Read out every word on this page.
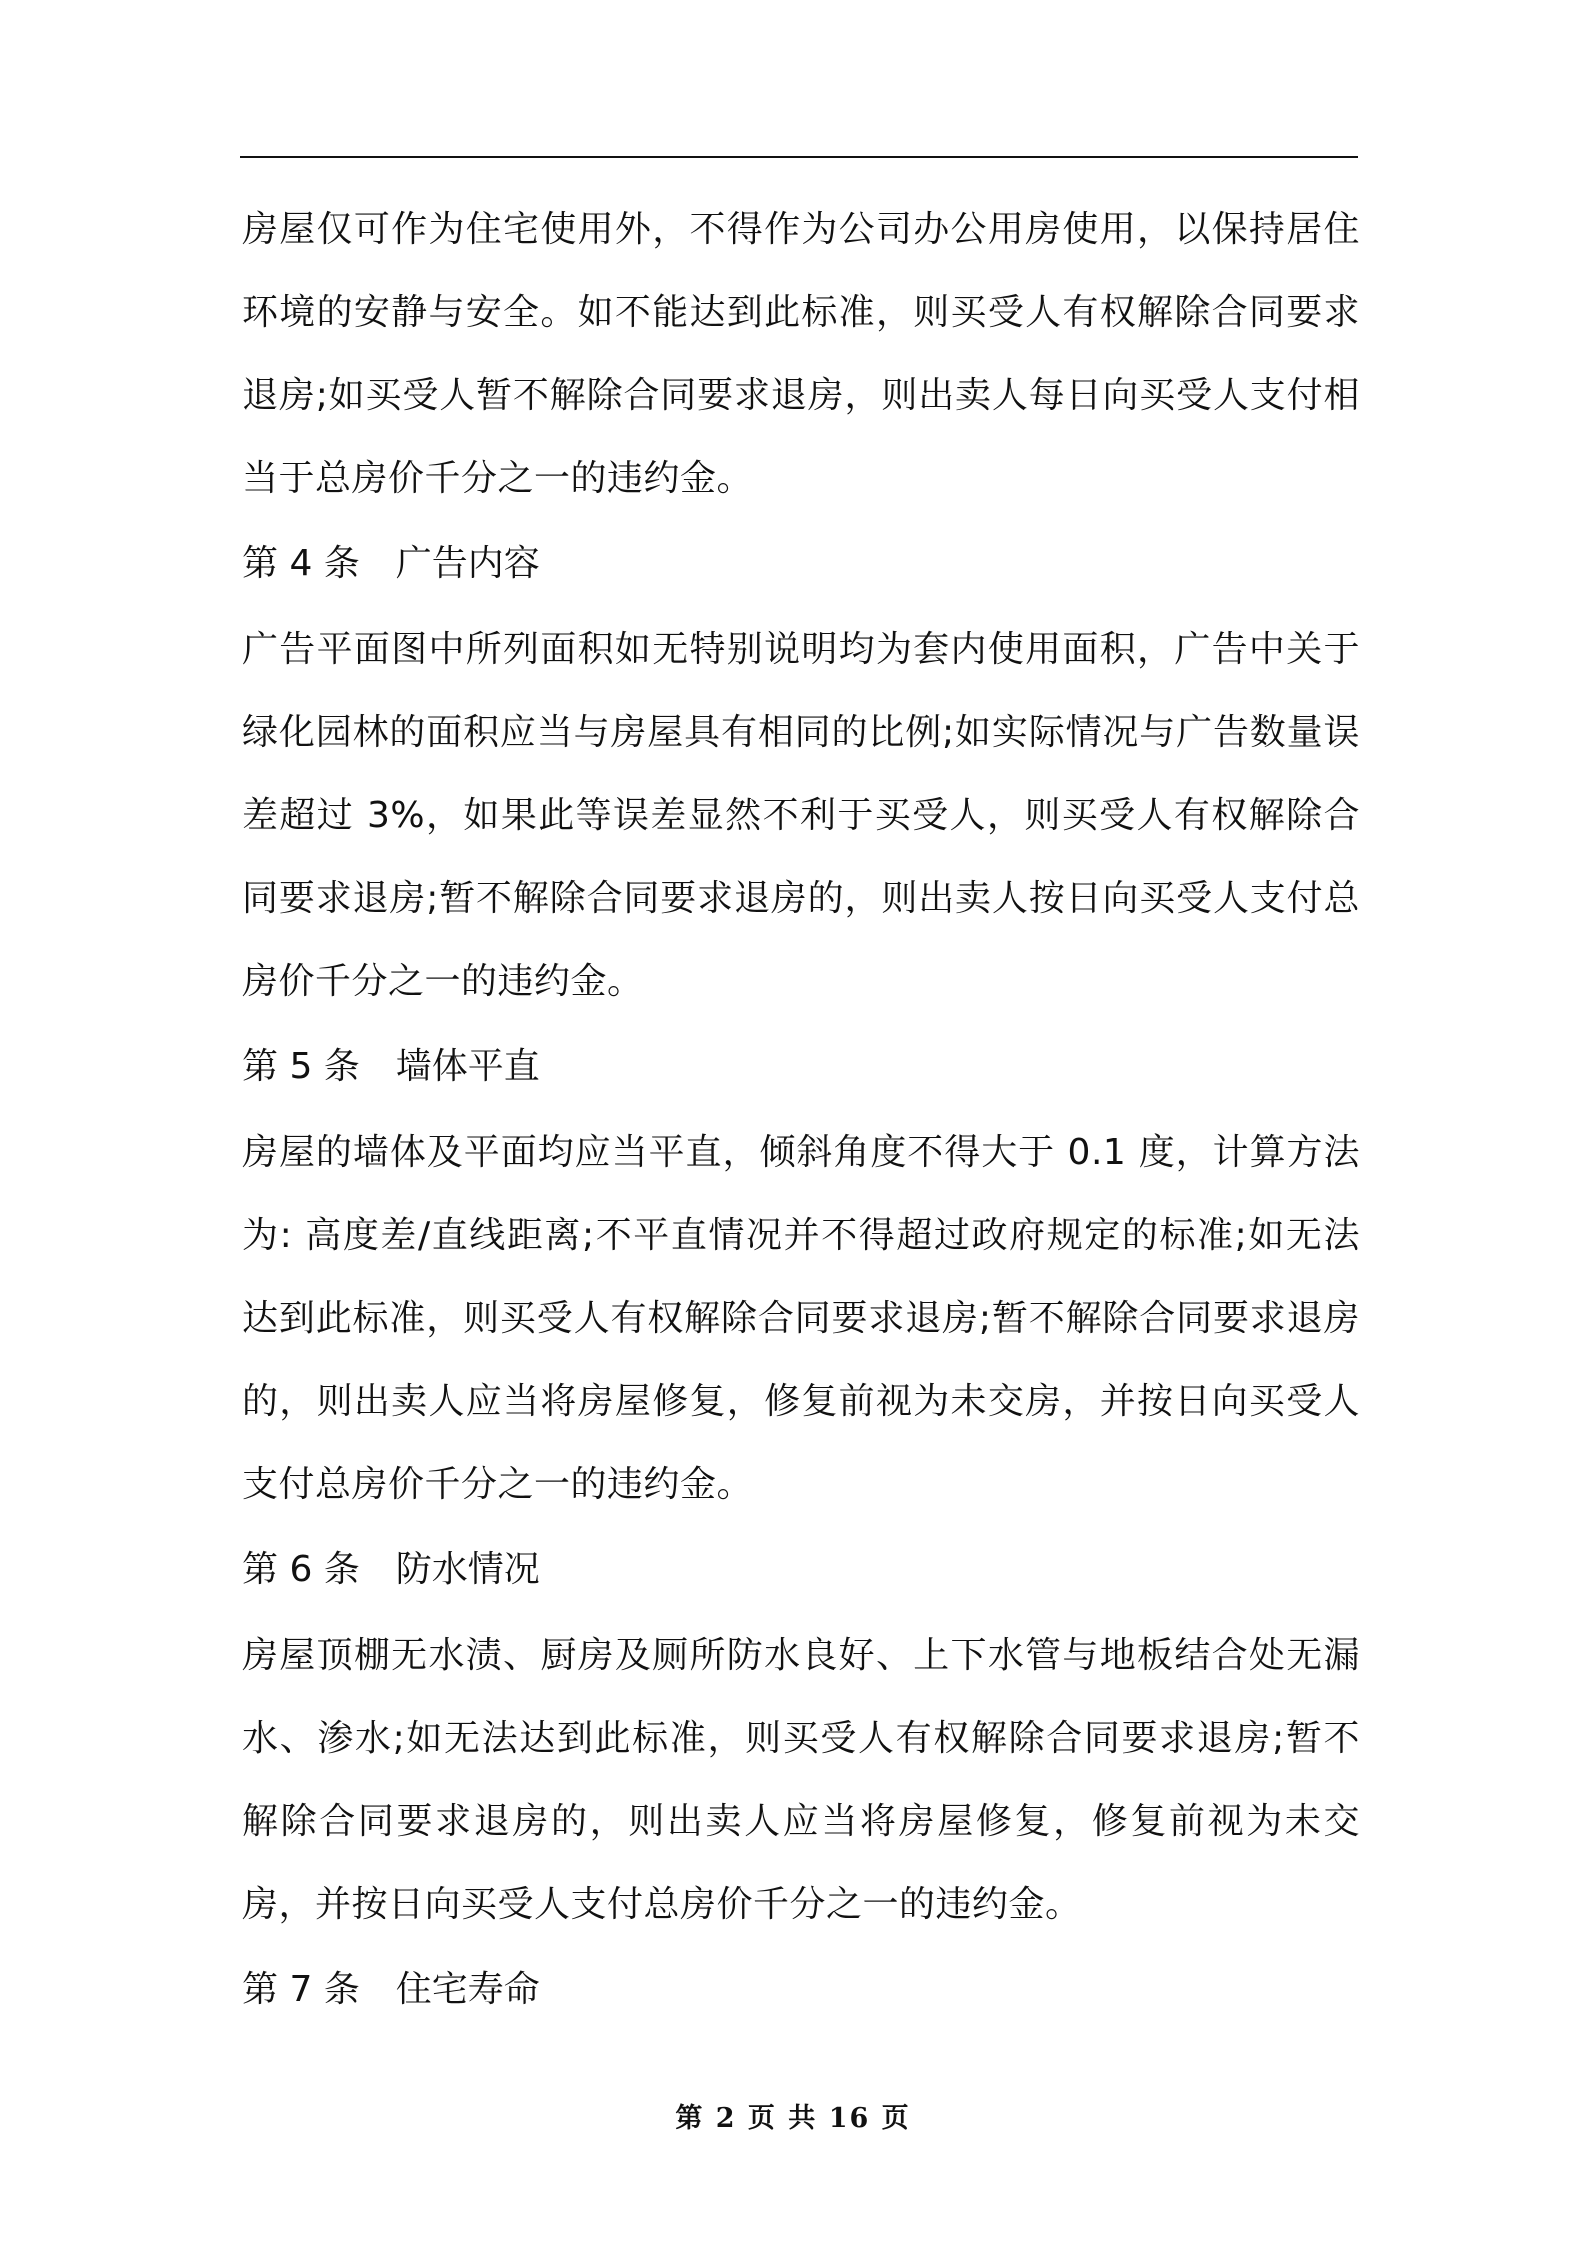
房屋仅可作为住宅使用外，不得作为公司办公用房使用，以保持居住环境的安静与安全。如不能达到此标准，则买受人有权解除合同要求退房;如买受人暂不解除合同要求退房，则出卖人每日向买受人支付相当于总房价千分之一的违约金。

第 4 条　广告内容

广告平面图中所列面积如无特别说明均为套内使用面积，广告中关于绿化园林的面积应当与房屋具有相同的比例;如实际情况与广告数量误差超过 3%，如果此等误差显然不利于买受人，则买受人有权解除合同要求退房;暂不解除合同要求退房的，则出卖人按日向买受人支付总房价千分之一的违约金。

第 5 条　墙体平直

房屋的墙体及平面均应当平直，倾斜角度不得大于 0.1 度，计算方法为: 高度差/直线距离;不平直情况并不得超过政府规定的标准;如无法达到此标准，则买受人有权解除合同要求退房;暂不解除合同要求退房的，则出卖人应当将房屋修复，修复前视为未交房，并按日向买受人支付总房价千分之一的违约金。

第 6 条　防水情况

房屋顶棚无水渍、厨房及厕所防水良好、上下水管与地板结合处无漏水、渗水;如无法达到此标准，则买受人有权解除合同要求退房;暂不解除合同要求退房的，则出卖人应当将房屋修复，修复前视为未交房，并按日向买受人支付总房价千分之一的违约金。

第 7 条　住宅寿命

第 2 页 共 16 页
